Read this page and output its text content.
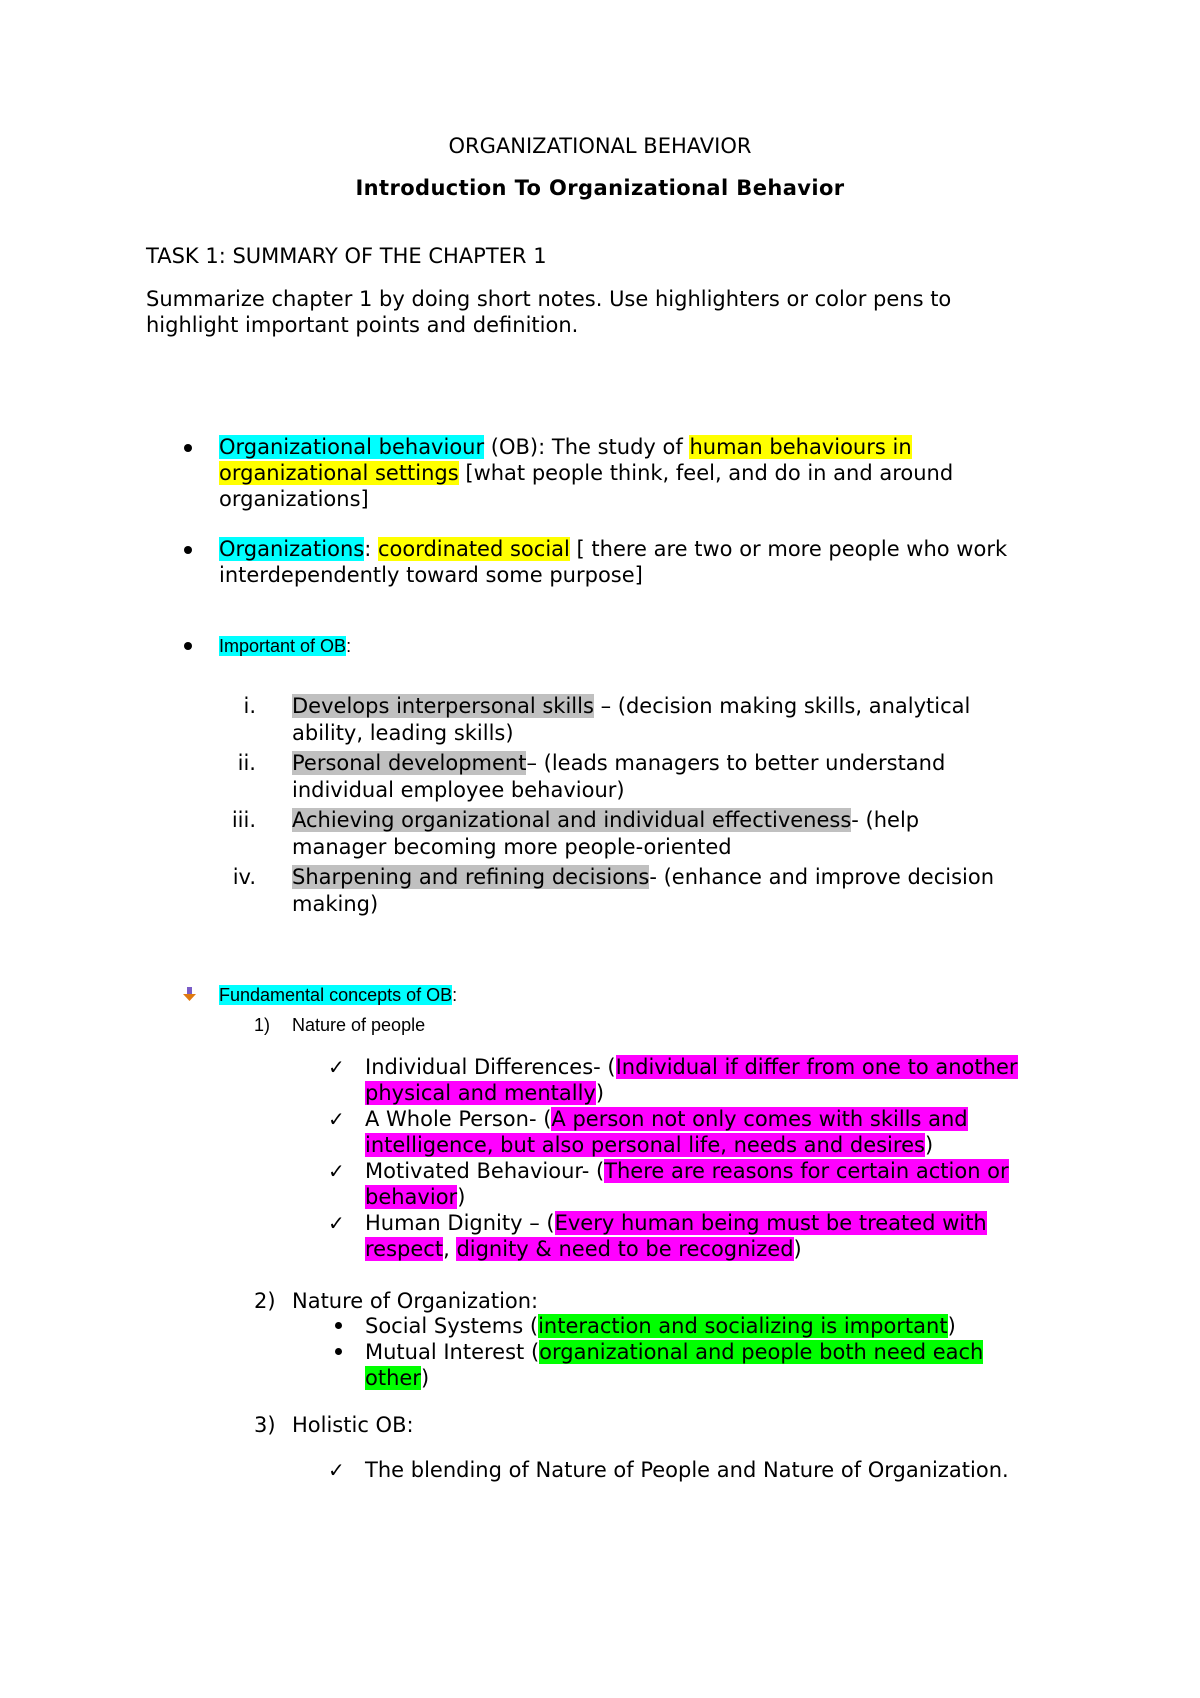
ORGANIZATIONAL BEHAVIOR
Introduction To Organizational Behavior
TASK 1: SUMMARY OF THE CHAPTER 1
Summarize chapter 1 by doing short notes. Use highlighters or color pens to
highlight important points and definition.
Organizational behaviour (OB): The study of human behaviours in
organizational settings [what people think, feel, and do in and around
organizations]
Organizations: coordinated social [ there are two or more people who work
interdependently toward some purpose]
Important of OB:
i. Develops interpersonal skills – (decision making skills, analytical
ability, leading skills)
ii. Personal development– (leads managers to better understand
individual employee behaviour)
iii. Achieving organizational and individual effectiveness- (help
manager becoming more people-oriented
iv. Sharpening and refining decisions- (enhance and improve decision
making)
Fundamental concepts of OB:
1) Nature of people
✓ Individual Differences- (Individual if differ from one to another
physical and mentally)
✓ A Whole Person- (A person not only comes with skills and
intelligence, but also personal life, needs and desires)
✓ Motivated Behaviour- (There are reasons for certain action or
behavior)
✓ Human Dignity – (Every human being must be treated with
respect, dignity & need to be recognized)
2) Nature of Organization:
Social Systems (interaction and socializing is important)
Mutual Interest (organizational and people both need each
other)
3) Holistic OB:
✓ The blending of Nature of People and Nature of Organization.
